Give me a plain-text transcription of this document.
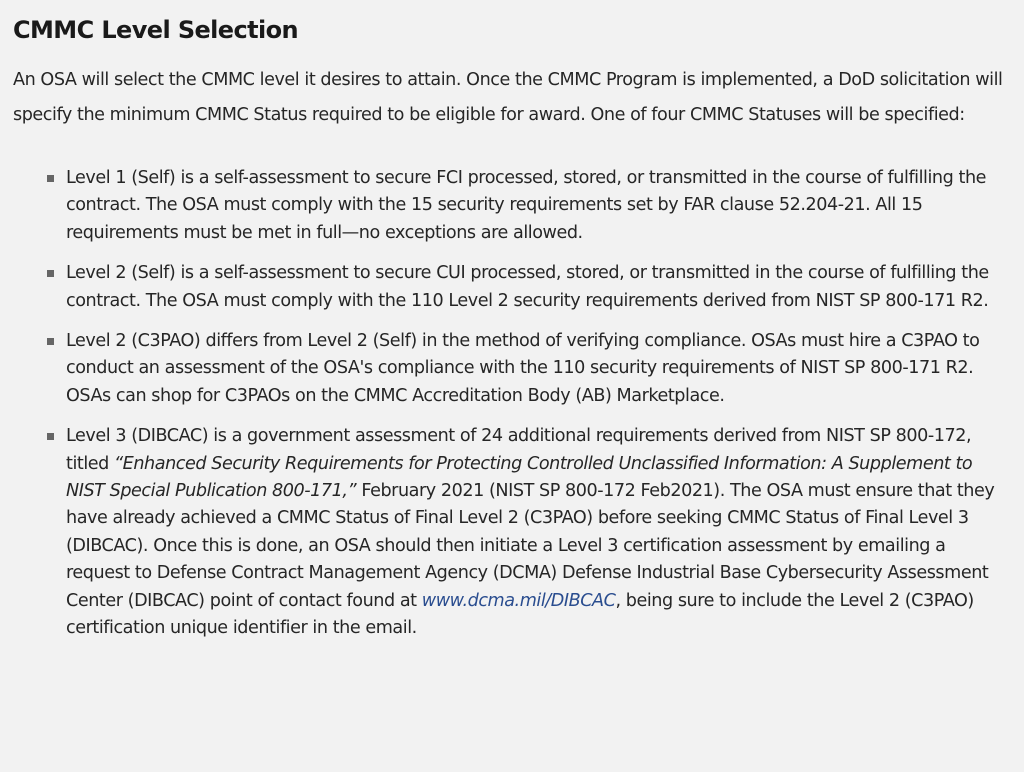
CMMC Level Selection

An OSA will select the CMMC level it desires to attain. Once the CMMC Program is implemented, a DoD solicitation will specify the minimum CMMC Status required to be eligible for award. One of four CMMC Statuses will be specified:

Level 1 (Self) is a self-assessment to secure FCI processed, stored, or transmitted in the course of fulfilling the contract. The OSA must comply with the 15 security requirements set by FAR clause 52.204-21. All 15 requirements must be met in full—no exceptions are allowed.
Level 2 (Self) is a self-assessment to secure CUI processed, stored, or transmitted in the course of fulfilling the contract. The OSA must comply with the 110 Level 2 security requirements derived from NIST SP 800-171 R2.
Level 2 (C3PAO) differs from Level 2 (Self) in the method of verifying compliance. OSAs must hire a C3PAO to conduct an assessment of the OSA's compliance with the 110 security requirements of NIST SP 800-171 R2. OSAs can shop for C3PAOs on the CMMC Accreditation Body (AB) Marketplace.
Level 3 (DIBCAC) is a government assessment of 24 additional requirements derived from NIST SP 800-172, titled “Enhanced Security Requirements for Protecting Controlled Unclassified Information: A Supplement to NIST Special Publication 800-171,” February 2021 (NIST SP 800-172 Feb2021). The OSA must ensure that they have already achieved a CMMC Status of Final Level 2 (C3PAO) before seeking CMMC Status of Final Level 3 (DIBCAC). Once this is done, an OSA should then initiate a Level 3 certification assessment by emailing a request to Defense Contract Management Agency (DCMA) Defense Industrial Base Cybersecurity Assessment Center (DIBCAC) point of contact found at www.dcma.mil/DIBCAC, being sure to include the Level 2 (C3PAO) certification unique identifier in the email.
